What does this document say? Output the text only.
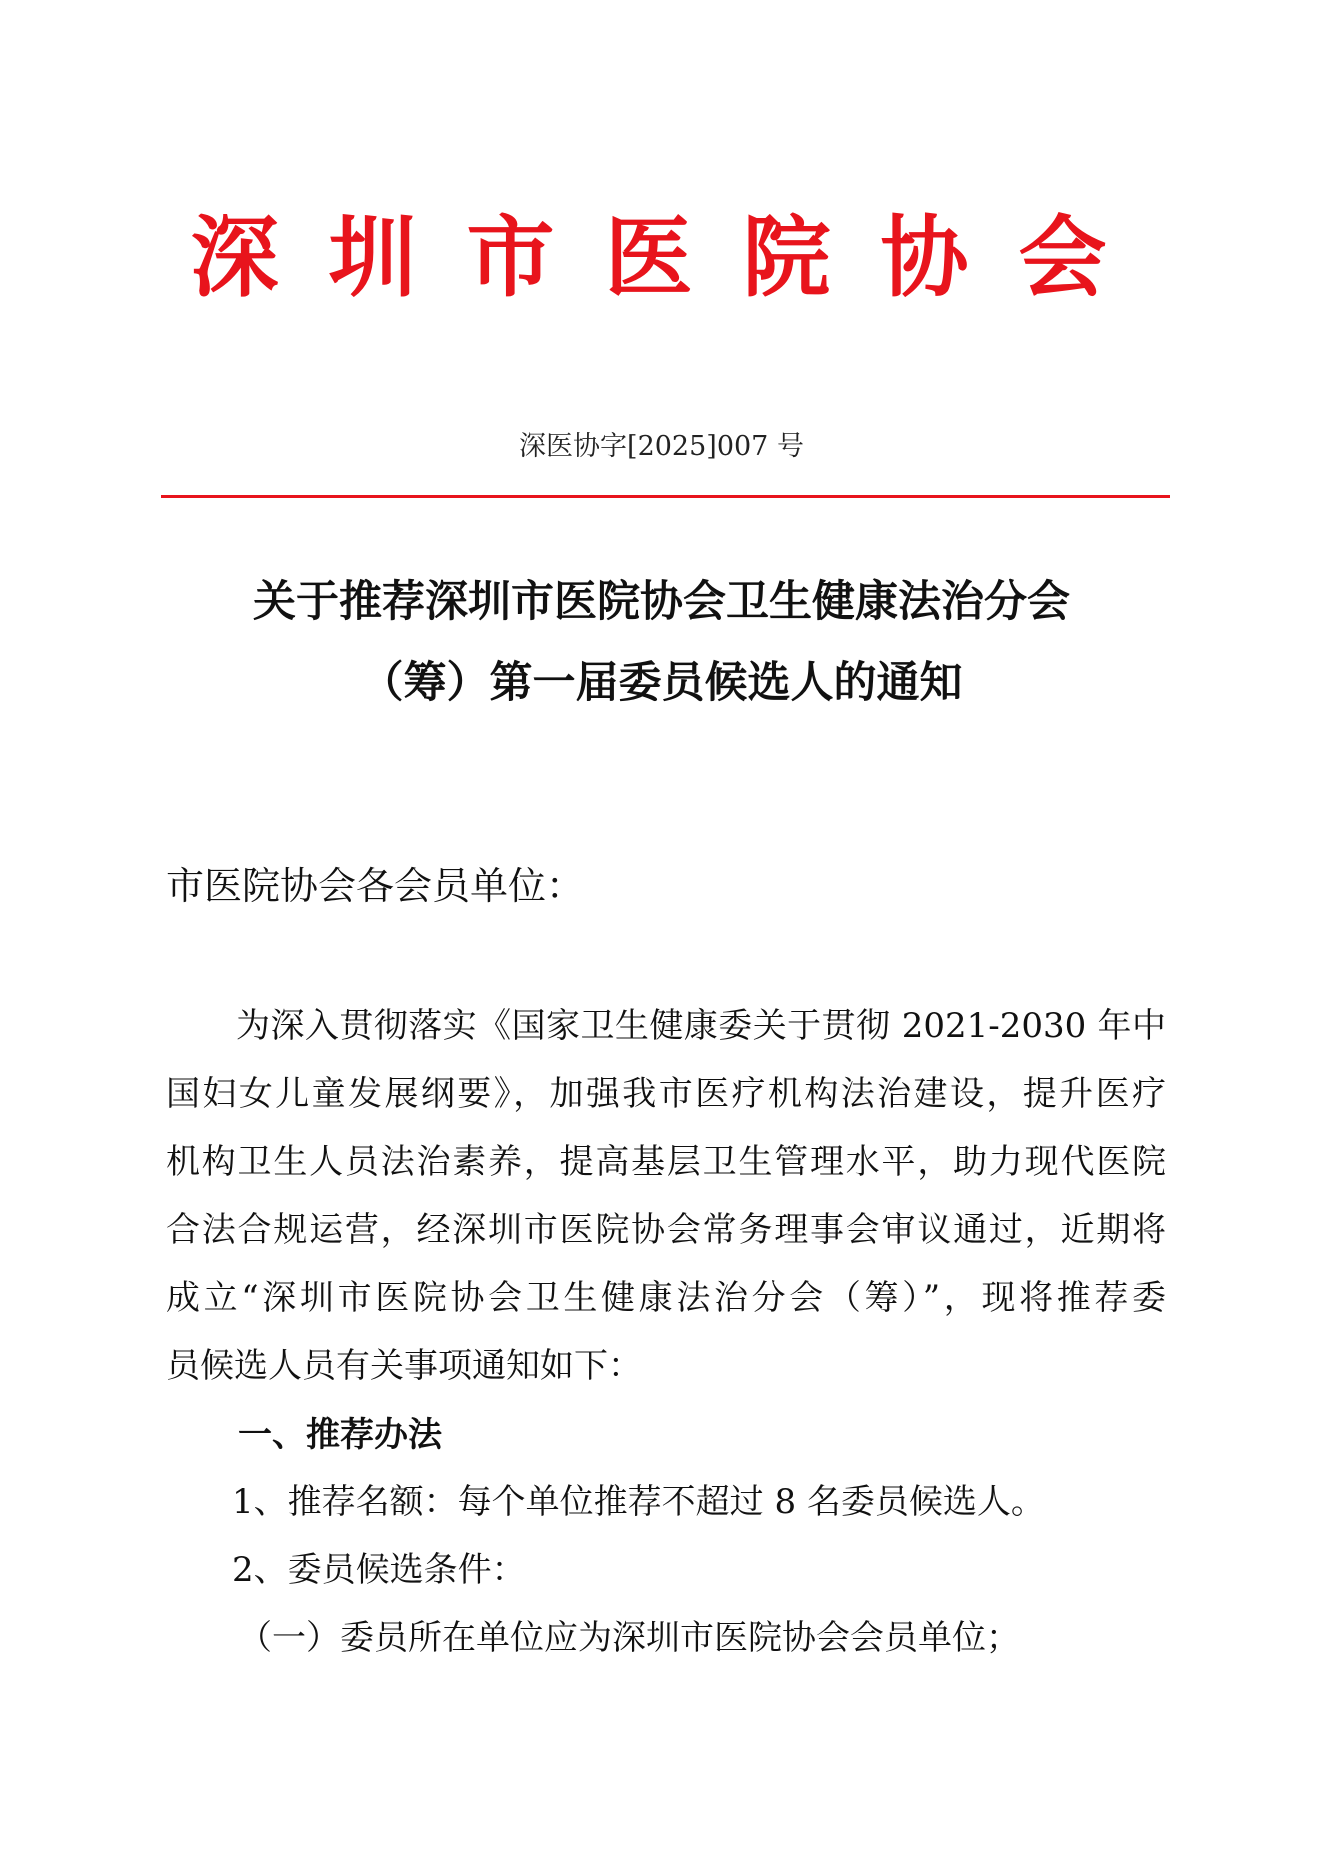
深圳市医院协会
深医协字[2025]007 号
关于推荐深圳市医院协会卫生健康法治分会
（筹）第一届委员候选人的通知
市医院协会各会员单位：
为深入贯彻落实《国家卫生健康委关于贯彻 2021-2030 年中
国妇女儿童发展纲要》，加强我市医疗机构法治建设，提升医疗
机构卫生人员法治素养，提高基层卫生管理水平，助力现代医院
合法合规运营，经深圳市医院协会常务理事会审议通过，近期将
成立“深圳市医院协会卫生健康法治分会（筹）”，现将推荐委
员候选人员有关事项通知如下：
一、推荐办法
1、推荐名额：每个单位推荐不超过 8 名委员候选人。
2、委员候选条件：
（一）委员所在单位应为深圳市医院协会会员单位；
